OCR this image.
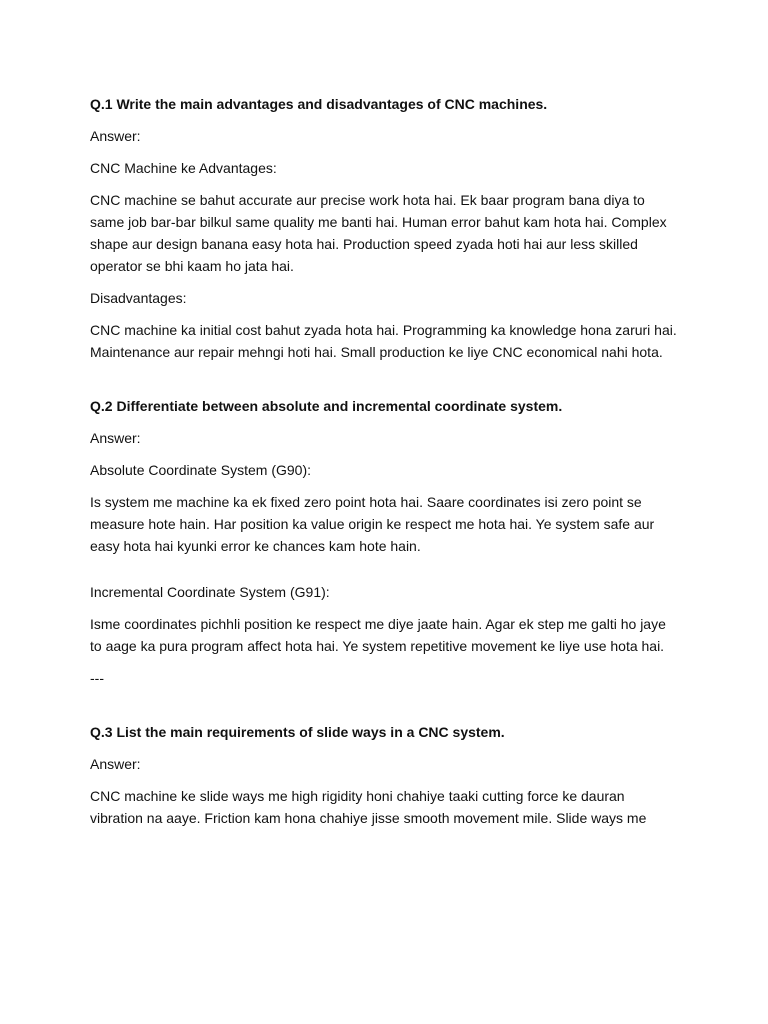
Q.1 Write the main advantages and disadvantages of CNC machines.

Answer:

CNC Machine ke Advantages:

CNC machine se bahut accurate aur precise work hota hai. Ek baar program bana diya to same job bar-bar bilkul same quality me banti hai. Human error bahut kam hota hai. Complex shape aur design banana easy hota hai. Production speed zyada hoti hai aur less skilled operator se bhi kaam ho jata hai.

Disadvantages:

CNC machine ka initial cost bahut zyada hota hai. Programming ka knowledge hona zaruri hai. Maintenance aur repair mehngi hoti hai. Small production ke liye CNC economical nahi hota.

Q.2 Differentiate between absolute and incremental coordinate system.

Answer:

Absolute Coordinate System (G90):

Is system me machine ka ek fixed zero point hota hai. Saare coordinates isi zero point se measure hote hain. Har position ka value origin ke respect me hota hai. Ye system safe aur easy hota hai kyunki error ke chances kam hote hain.

Incremental Coordinate System (G91):

Isme coordinates pichhli position ke respect me diye jaate hain. Agar ek step me galti ho jaye to aage ka pura program affect hota hai. Ye system repetitive movement ke liye use hota hai.

---

Q.3 List the main requirements of slide ways in a CNC system.

Answer:

CNC machine ke slide ways me high rigidity honi chahiye taaki cutting force ke dauran vibration na aaye. Friction kam hona chahiye jisse smooth movement mile. Slide ways me
